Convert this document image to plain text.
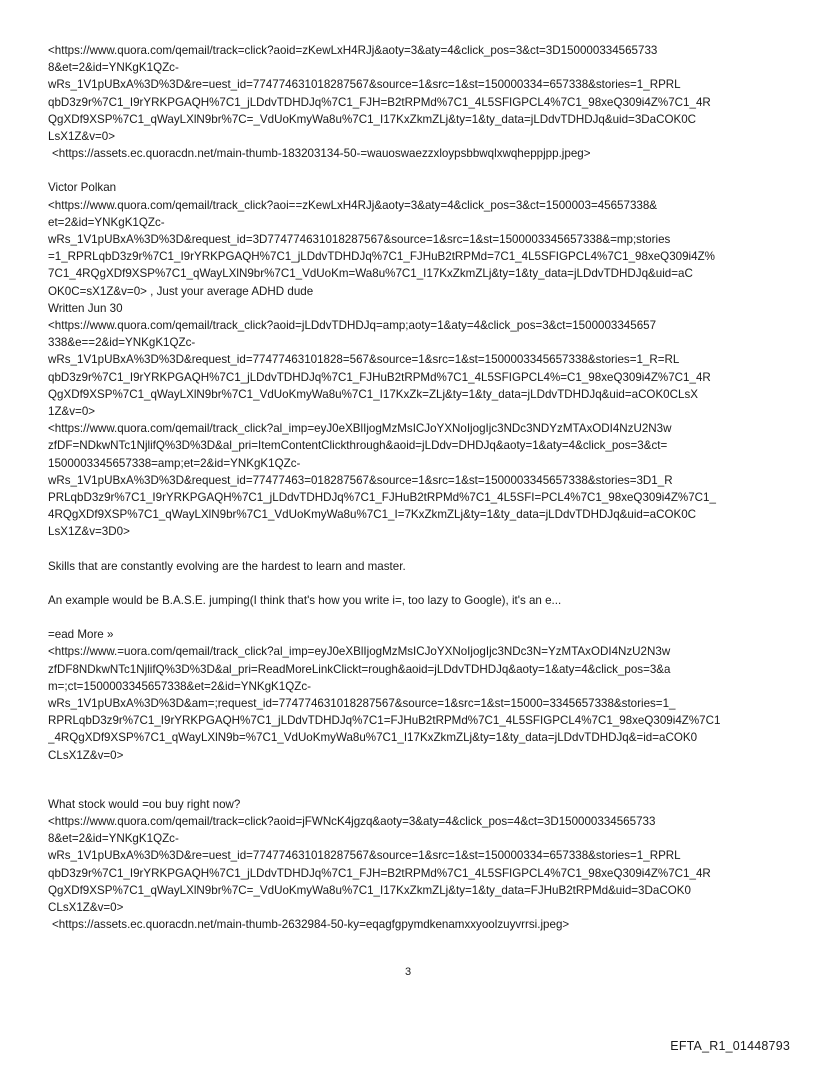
<https://www.quora.com/qemail/track=click?aoid=zKewLxH4RJj&aoty=3&aty=4&click_pos=3&ct=3D150000334565733
8&et=2&id=YNKgK1QZc-
wRs_1V1pUBxA%3D%3D&re=uest_id=774774631018287567&source=1&src=1&st=150000334=657338&stories=1_RPRL
qbD3z9r%7C1_I9rYRKPGAQH%7C1_jLDdvTDHDJq%7C1_FJH=B2tRPMd%7C1_4L5SFIGPCL4%7C1_98xeQ309i4Z%7C1_4R
QgXDf9XSP%7C1_qWayLXlN9br%7C=_VdUoKmyWa8u%7C1_I17KxZkmZLj&ty=1&ty_data=jLDdvTDHDJq&uid=3DaCOK0C
LsX1Z&v=0>
<https://assets.ec.quoracdn.net/main-thumb-183203134-50-=wauoswaezzxloypsbbwqlxwqheppjpp.jpeg>
Victor Polkan
<https://www.quora.com/qemail/track_click?aoi==zKewLxH4RJj&aoty=3&aty=4&click_pos=3&ct=1500003=45657338&
et=2&id=YNKgK1QZc-
wRs_1V1pUBxA%3D%3D&request_id=3D774774631018287567&source=1&src=1&st=1500003345657338&=mp;stories
=1_RPRLqbD3z9r%7C1_I9rYRKPGAQH%7C1_jLDdvTDHDJq%7C1_FJHuB2tRPMd=7C1_4L5SFIGPCL4%7C1_98xeQ309i4Z%
7C1_4RQgXDf9XSP%7C1_qWayLXlN9br%7C1_VdUoKm=Wa8u%7C1_I17KxZkmZLj&ty=1&ty_data=jLDdvTDHDJq&uid=aC
OK0C=sX1Z&v=0> , Just your average ADHD dude
Written Jun 30
<https://www.quora.com/qemail/track_click?aoid=jLDdvTDHDJq=amp;aoty=1&aty=4&click_pos=3&ct=1500003345657
338&e==2&id=YNKgK1QZc-
wRs_1V1pUBxA%3D%3D&request_id=77477463101828=567&source=1&src=1&st=1500003345657338&stories=1_R=RL
qbD3z9r%7C1_I9rYRKPGAQH%7C1_jLDdvTDHDJq%7C1_FJHuB2tRPMd%7C1_4L5SFIGPCL4%=C1_98xeQ309i4Z%7C1_4R
QgXDf9XSP%7C1_qWayLXlN9br%7C1_VdUoKmyWa8u%7C1_I17KxZk=ZLj&ty=1&ty_data=jLDdvTDHDJq&uid=aCOK0CLsX
1Z&v=0>
<https://www.quora.com/qemail/track_click?al_imp=eyJ0eXBlIjogMzMsICJoYXNoIjogIjc3NDc3NDYzMTAxODI4NzU2N3w
zfDF=NDkwNTc1NjlifQ%3D%3D&al_pri=ItemContentClickthrough&aoid=jLDdv=DHDJq&aoty=1&aty=4&click_pos=3&ct=
1500003345657338=amp;et=2&id=YNKgK1QZc-
wRs_1V1pUBxA%3D%3D&request_id=77477463=018287567&source=1&src=1&st=1500003345657338&stories=3D1_R
PRLqbD3z9r%7C1_I9rYRKPGAQH%7C1_jLDdvTDHDJq%7C1_FJHuB2tRPMd%7C1_4L5SFI=PCL4%7C1_98xeQ309i4Z%7C1_
4RQgXDf9XSP%7C1_qWayLXlN9br%7C1_VdUoKmyWa8u%7C1_I=7KxZkmZLj&ty=1&ty_data=jLDdvTDHDJq&uid=aCOK0C
LsX1Z&v=3D0>
Skills that are constantly evolving are the hardest to learn and master.
An example would be B.A.S.E. jumping(I think that's how you write i=, too lazy to Google), it's an e...
=ead More »
<https://www.=uora.com/qemail/track_click?al_imp=eyJ0eXBlIjogMzMsICJoYXNoIjogIjc3NDc3N=YzMTAxODI4NzU2N3w
zfDF8NDkwNTc1NjlifQ%3D%3D&al_pri=ReadMoreLinkClickt=rough&aoid=jLDdvTDHDJq&aoty=1&aty=4&click_pos=3&a
m=;ct=1500003345657338&et=2&id=YNKgK1QZc-
wRs_1V1pUBxA%3D%3D&am=;request_id=774774631018287567&source=1&src=1&st=15000=3345657338&stories=1_
RPRLqbD3z9r%7C1_I9rYRKPGAQH%7C1_jLDdvTDHDJq%7C1=FJHuB2tRPMd%7C1_4L5SFIGPCL4%7C1_98xeQ309i4Z%7C1
_4RQgXDf9XSP%7C1_qWayLXlN9b=%7C1_VdUoKmyWa8u%7C1_I17KxZkmZLj&ty=1&ty_data=jLDdvTDHDJq&=id=aCOK0
CLsX1Z&v=0>
What stock would =ou buy right now?
<https://www.quora.com/qemail/track=click?aoid=jFWNcK4jgzq&aoty=3&aty=4&click_pos=4&ct=3D150000334565733
8&et=2&id=YNKgK1QZc-
wRs_1V1pUBxA%3D%3D&re=uest_id=774774631018287567&source=1&src=1&st=150000334=657338&stories=1_RPRL
qbD3z9r%7C1_I9rYRKPGAQH%7C1_jLDdvTDHDJq%7C1_FJH=B2tRPMd%7C1_4L5SFIGPCL4%7C1_98xeQ309i4Z%7C1_4R
QgXDf9XSP%7C1_qWayLXlN9br%7C=_VdUoKmyWa8u%7C1_I17KxZkmZLj&ty=1&ty_data=FJHuB2tRPMd&uid=3DaCOK0
CLsX1Z&v=0>
<https://assets.ec.quoracdn.net/main-thumb-2632984-50-ky=eqagfgpymdkenamxxyoolzuyvrrsi.jpeg>
3
EFTA_R1_01448793
